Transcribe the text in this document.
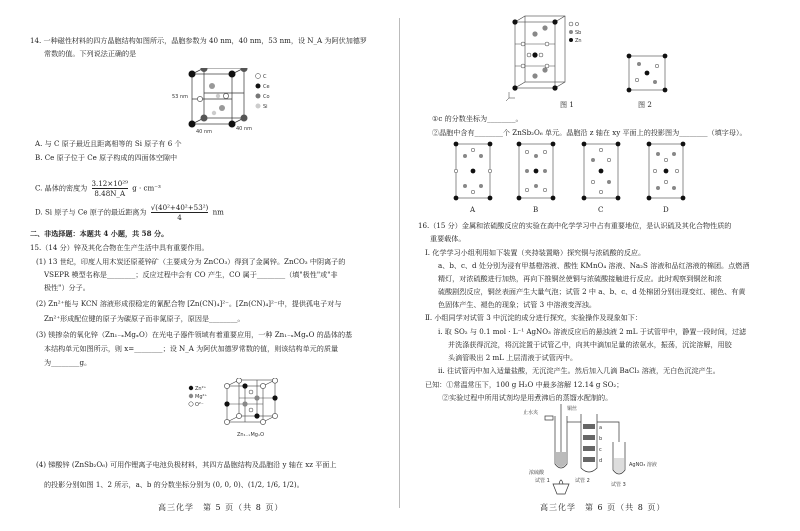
14. 一种磁性材料的四方晶胞结构如图所示，晶胞参数为 40 nm，40 nm，53 nm，设 N_A 为阿伏加德罗
常数的值。下列说法正确的是
53 nm
40 nm	40 nm
C
Ce
Co
Si
A. 与 C 原子最近且距离相等的 Si 原子有 6 个
B. Ce 原子位于 Ce 原子构成的四面体空隙中
C. 晶体的密度为 $\frac{\text{3.12×10²⁹}}{8.48N\_A}$ g · cm⁻³
D. Si 原子与 Ce 原子的最近距离为 $\frac{\text{√(40²+40²+53²)}}{4}$ nm
二、非选择题：本题共 4 小题，共 58 分。
15.（14 分）锌及其化合物在生产生活中具有重要作用。
(1) 13 世纪，印度人用木炭还原菱锌矿（主要成分为 ZnCO₃）得到了金属锌。ZnCO₃ 中阴离子的
VSEPR 模型名称是________；反应过程中会有 CO 产生，CO 属于________（填"极性"或"非
极性"）分子。
(2) Zn²⁺能与 KCN 溶液形成很稳定的氰配合物 [Zn(CN)₄]²⁻。[Zn(CN)₄]²⁻中，提供孤电子对与
Zn²⁺形成配位键的原子为碳原子而非氮原子，原因是________。
(3) 镁掺杂的氧化锌（Zn₁₋ₓMgₓO）在光电子器件领域有着重要应用，一种 Zn₁₋ₓMgₓO 的晶体的基
本结构单元如图所示，则 x=________；设 N_A 为阿伏加德罗常数的值，则该结构单元的质量
为________g。
Zn²⁺
Mg²⁺
O²⁻
Zn₁₋ₓMgₓO
(4) 锑酸锌 (ZnSb₂O₆) 可用作锂离子电池负极材料，其四方晶胞结构及晶胞沿 y 轴在 xz 平面上
的投影分别如图 1、2 所示，a、b 的分数坐标分别为 (0, 0, 0)、(1/2, 1/6, 1/2)。
高三化学　第 5 页（共 8 页）
O
Sb
Zn
图 1	图 2
①c 的分数坐标为________。
②晶胞中含有________个 ZnSb₂O₆ 单元。晶胞沿 z 轴在 xy 平面上的投影图为________（填字母）。
A	B	C	D
16.（15 分）金属和浓硫酸反应的实验在高中化学学习中占有重要地位，是认识硫及其化合物性质的
重要载体。
Ⅰ. 化学学习小组利用如下装置（夹持装置略）探究铜与浓硫酸的反应。
a、b、c、d 处分别为浸有甲基橙溶液、酸性 KMnO₄ 溶液、Na₂S 溶液和品红溶液的棉团。点燃酒
精灯，对浓硫酸进行加热，再向下推铜丝使铜与浓硫酸接触进行反应。此时观察到铜丝和浓
硫酸剧烈反应，铜丝表面产生大量气泡；试管 2 中 a、b、c、d 处棉团分别出现变红、褪色、有黄
色固体产生、褪色的现象；试管 3 中溶液变浑浊。
Ⅱ. 小组同学对试管 3 中沉淀的成分进行探究，实验操作及现象如下：
i. 取 SO₂ 与 0.1 mol · L⁻¹ AgNO₃ 溶液反应后的悬浊液 2 mL 于试管甲中，静置一段时间，过滤
并洗涤获得沉淀，将沉淀置于试管乙中，向其中滴加足量的浓氨水，振荡，沉淀溶解，用胶
头滴管吸出 2 mL 上层清液于试管丙中。
ii. 往试管丙中加入适量盐酸，无沉淀产生。然后加入几滴 BaCl₂ 溶液，无白色沉淀产生。
已知：①常温常压下，100 g H₂O 中最多溶解 12.14 g SO₂；
②实验过程中所用试剂均是用煮沸后的蒸馏水配制的。
铜丝
止水夹
浓硫酸
试管 1	试管 2
试管 3
AgNO₃ 溶液
a
b
c
d
高三化学　第 6 页（共 8 页）
